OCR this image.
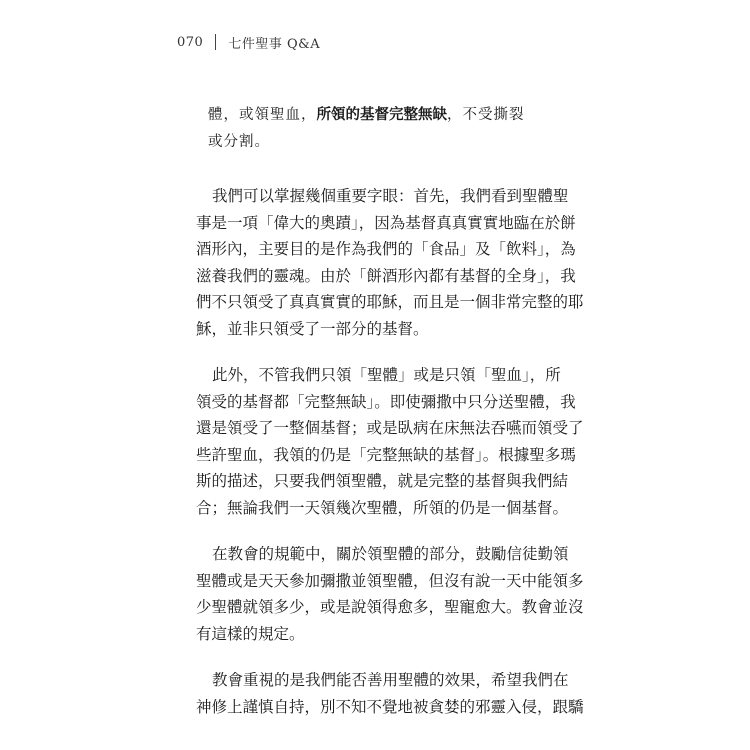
070 七件聖事 Q&A
體，或領聖血，所領的基督完整無缺，不受撕裂
或分割。
我們可以掌握幾個重要字眼：首先，我們看到聖體聖
事是一項「偉大的奧蹟」，因為基督真真實實地臨在於餅
酒形內，主要目的是作為我們的「食品」及「飲料」，為
滋養我們的靈魂。由於「餅酒形內都有基督的全身」，我
們不只領受了真真實實的耶穌，而且是一個非常完整的耶
穌，並非只領受了一部分的基督。
此外，不管我們只領「聖體」或是只領「聖血」，所
領受的基督都「完整無缺」。即使彌撒中只分送聖體，我
還是領受了一整個基督；或是臥病在床無法吞嚥而領受了
些許聖血，我領的仍是「完整無缺的基督」。根據聖多瑪
斯的描述，只要我們領聖體，就是完整的基督與我們結
合；無論我們一天領幾次聖體，所領的仍是一個基督。
在教會的規範中，關於領聖體的部分，鼓勵信徒勤領
聖體或是天天參加彌撒並領聖體，但沒有說一天中能領多
少聖體就領多少，或是說領得愈多，聖寵愈大。教會並沒
有這樣的規定。
教會重視的是我們能否善用聖體的效果，希望我們在
神修上謹慎自持，別不知不覺地被貪婪的邪靈入侵，跟驕
